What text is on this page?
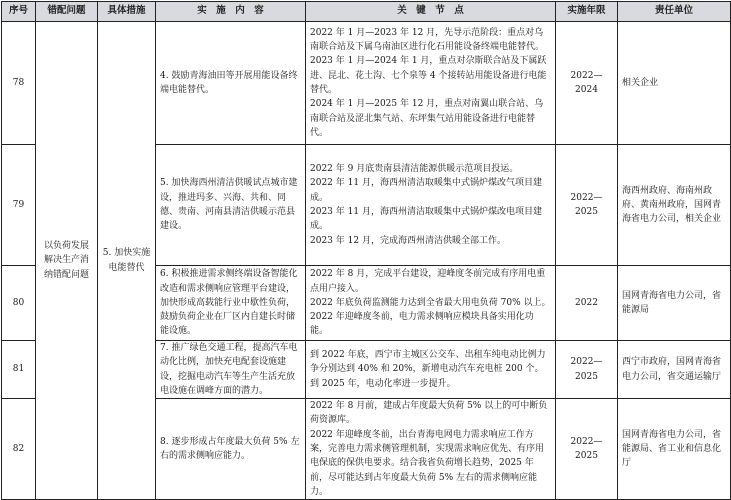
序号	错配问题	具体措施	实　施　内　容	关　键　节　点	实施年限	责任单位
78	以负荷发展解决生产消纳错配问题	5. 加快实施电能替代	4. 鼓励青海油田等开展用能设备终端电能替代。	2022 年 1 月—2023 年 12 月，先导示范阶段：重点对乌南联合站及下属乌南油区进行化石用能设备终端电能替代。
2023 年 1 月—2024 年 1 月，重点对尕斯联合站及下属跃进、昆北、花土沟、七个泉等 4 个接转站用能设备进行电能替代。
2024 年 1 月—2025 年 12 月，重点对南翼山联合站、乌南联合站及涩北集气站、东坪集气站用能设备进行电能替代。	2022—2024	相关企业
79			5. 加快海西州清洁供暖试点城市建设，推进玛多、兴海、共和、同德、贵南、河南县清洁供暖示范县建设。	2022 年 9 月底贵南县清洁能源供暖示范项目投运。
2022 年 11 月，海西州清洁取暖集中式锅炉煤改气项目建成。
2023 年 11 月，海西州清洁取暖集中式锅炉煤改电项目建成。
2023 年 12 月，完成海西州清洁供暖全部工作。	2022—2025	海西州政府、海南州政府、黄南州政府，国网青海省电力公司，相关企业
80			6. 积极推进需求侧终端设备智能化改造和需求侧响应管理平台建设，加快形成高载能行业中歇性负荷，鼓励负荷企业在厂区内自建长时储能设施。	2022 年 8 月，完成平台建设，迎峰度冬前完成有序用电重点用户接入。
2022 年底负荷监测能力达到全省最大用电负荷 70% 以上。
2022 年迎峰度冬前，电力需求侧响应模块具备实用化功能。	2022	国网青海省电力公司，省能源局
81			7. 推广绿色交通工程，提高汽车电动化比例，加快充电配套设施建设，挖掘电动汽车等生产生活充放电设施在调峰方面的潜力。	到 2022 年底，西宁市主城区公交车、出租车纯电动比例力争分别达到 40% 和 20%，新增电动汽车充电桩 200 个。
到 2025 年，电动化率进一步提升。	2022—2025	西宁市政府，国网青海省电力公司，省交通运输厅
82			8. 逐步形成占年度最大负荷 5% 左右的需求侧响应能力。	2022 年 8 月前，建成占年度最大负荷 5% 以上的可中断负荷资源库。
2022 年迎峰度冬前，出台青海电网电力需求响应工作方案，完善电力需求侧管理机制，实现需求响应优先、有序用电保底的保供电要求。结合我省负荷增长趋势，2025 年前，尽可能达到占年度最大负荷 5% 左右的需求侧响应能力。	2022—2025	国网青海省电力公司，省能源局、省工业和信息化厅
